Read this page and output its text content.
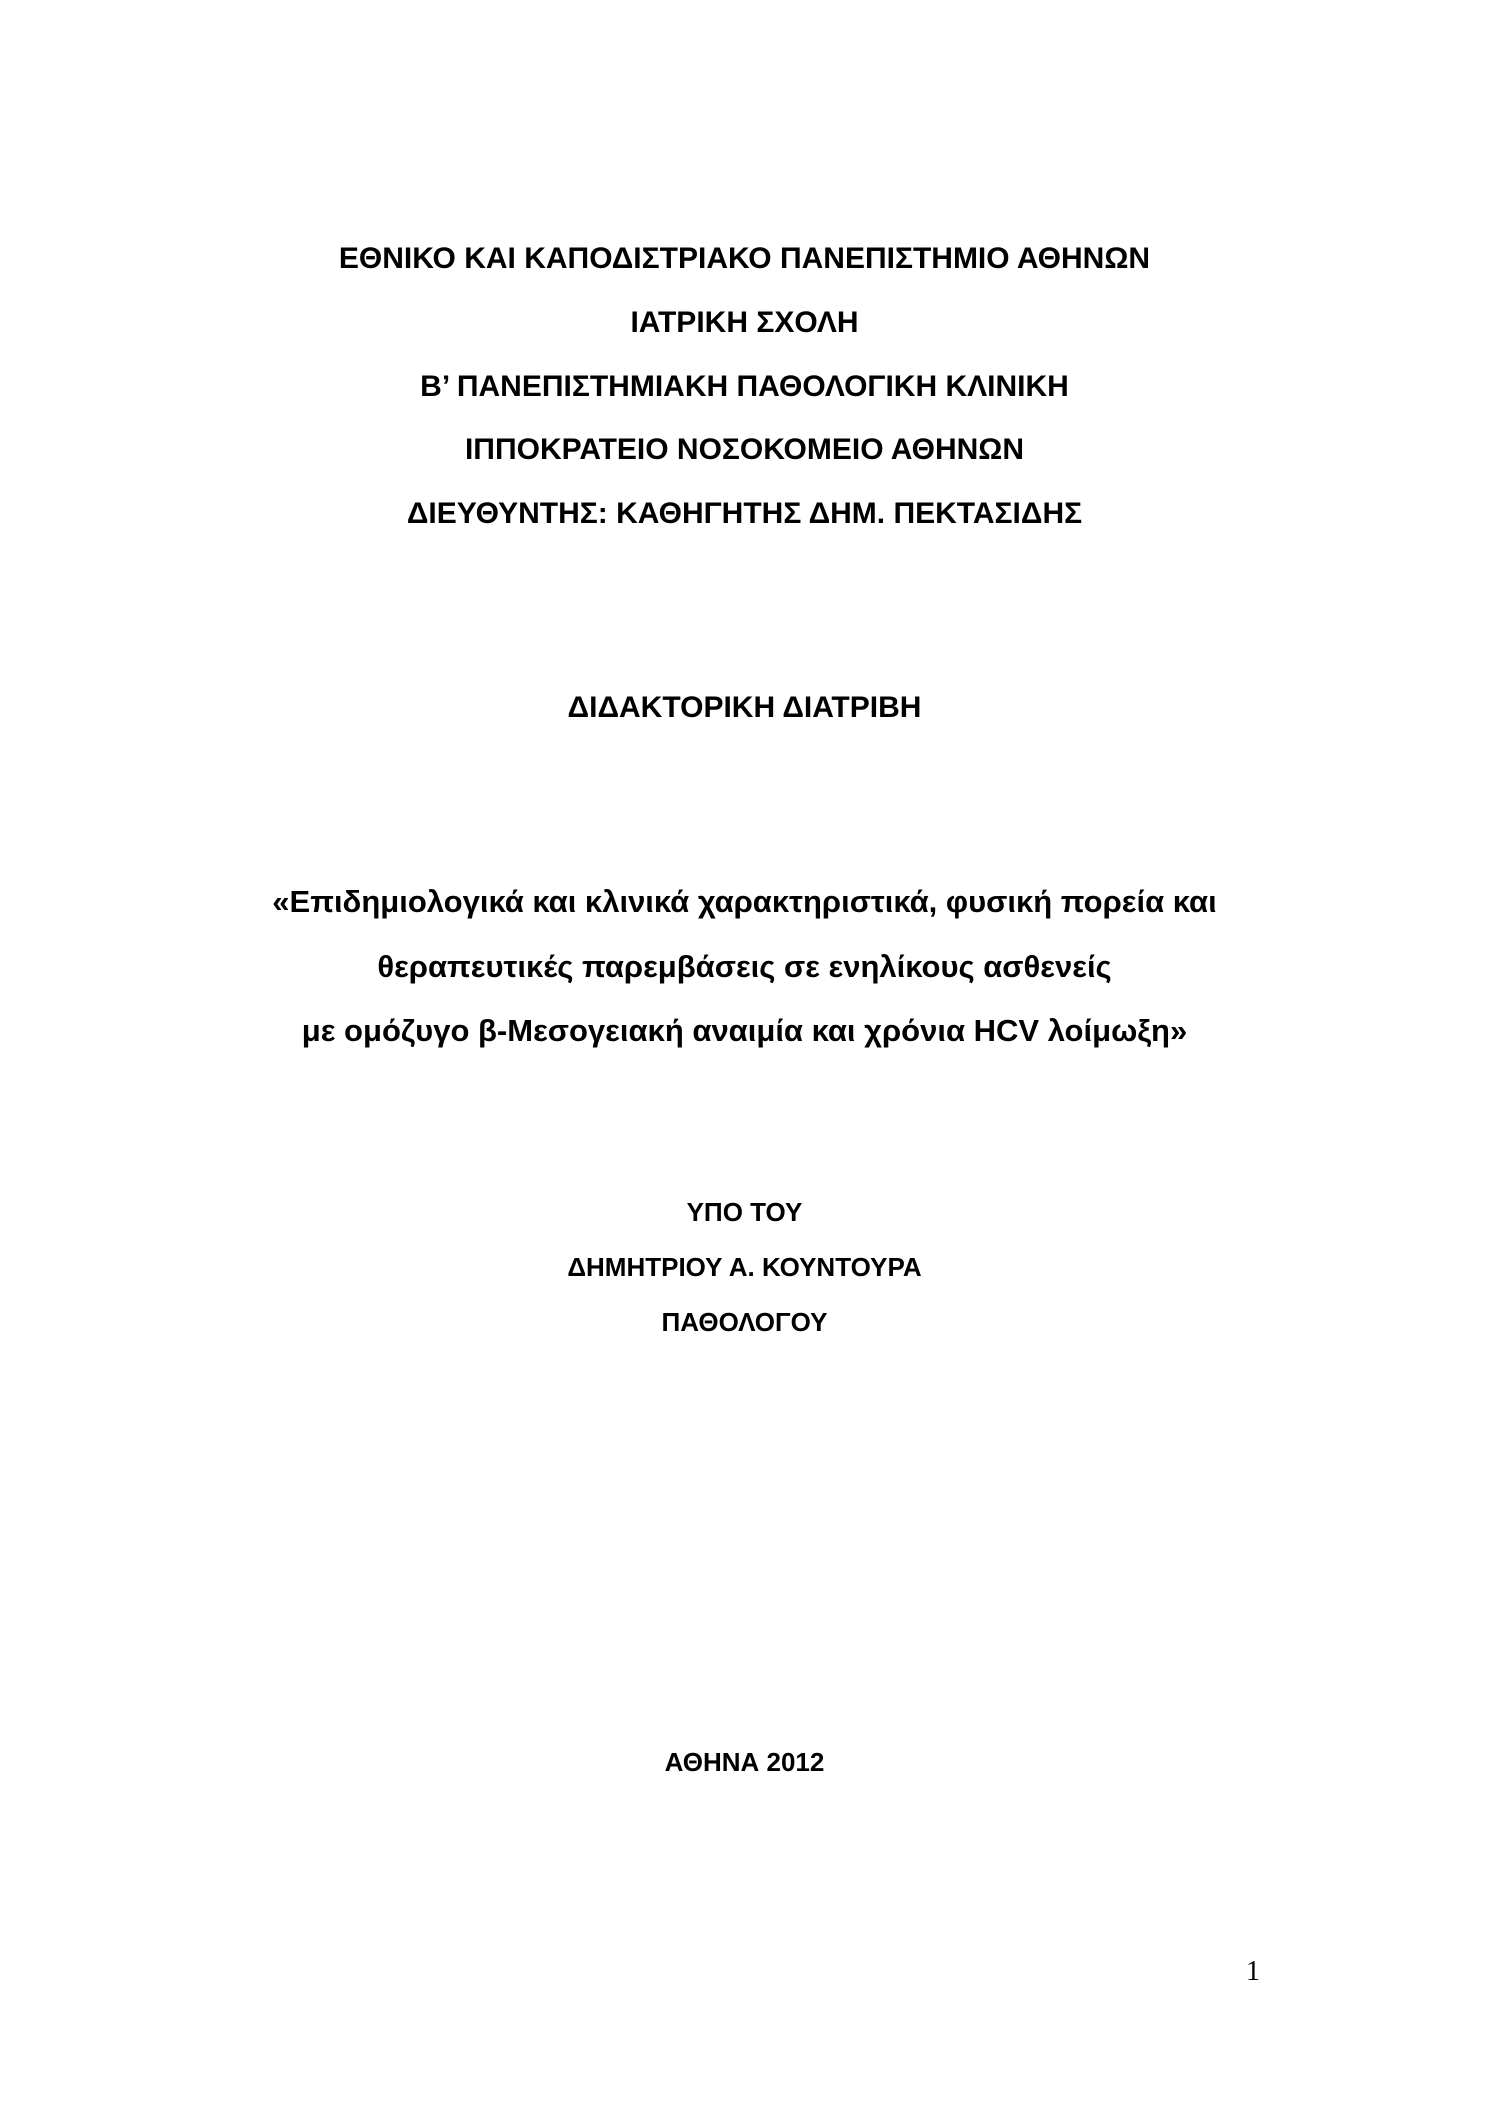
ΕΘΝΙΚΟ ΚΑΙ ΚΑΠΟΔΙΣΤΡΙΑΚΟ ΠΑΝΕΠΙΣΤΗΜΙΟ ΑΘΗΝΩΝ
ΙΑΤΡΙΚΗ ΣΧΟΛΗ
Β’ ΠΑΝΕΠΙΣΤΗΜΙΑΚΗ ΠΑΘΟΛΟΓΙΚΗ ΚΛΙΝΙΚΗ
ΙΠΠΟΚΡΑΤΕΙΟ ΝΟΣΟΚΟΜΕΙΟ ΑΘΗΝΩΝ
ΔΙΕΥΘΥΝΤΗΣ: ΚΑΘΗΓΗΤΗΣ ΔΗΜ. ΠΕΚΤΑΣΙΔΗΣ
ΔΙΔΑΚΤΟΡΙΚΗ ΔΙΑΤΡΙΒΗ
«Επιδημιολογικά και κλινικά χαρακτηριστικά, φυσική πορεία και
θεραπευτικές παρεμβάσεις σε ενηλίκους ασθενείς
με ομόζυγο β-Μεσογειακή αναιμία και χρόνια HCV λοίμωξη»
ΥΠΟ ΤΟΥ
ΔΗΜΗΤΡΙΟΥ Α. ΚΟΥΝΤΟΥΡΑ
ΠΑΘΟΛΟΓΟΥ
ΑΘΗΝΑ 2012
1
